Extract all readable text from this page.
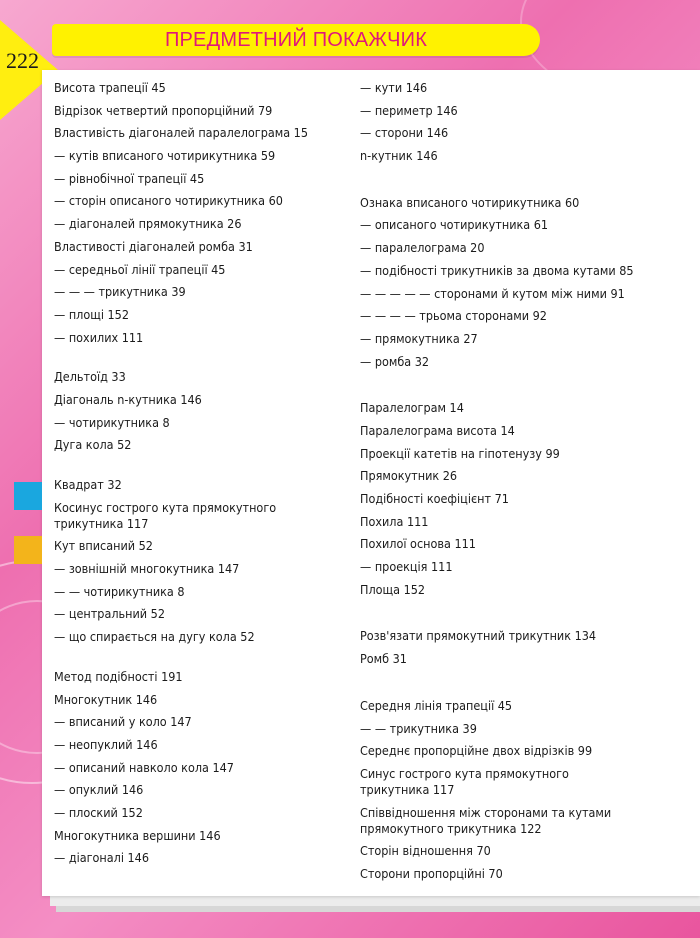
222
ПРЕДМЕТНИЙ ПОКАЖЧИК
Висота трапеції 45
Відрізок четвертий пропорційний 79
Властивість діагоналей паралелограма 15
— кутів вписаного чотирикутника 59
— рівнобічної трапеції 45
— сторін описаного чотирикутника 60
— діагоналей прямокутника 26
Властивості діагоналей ромба 31
— середньої лінії трапеції 45
— — — трикутника 39
— площі 152
— похилих 111
Дельтоїд 33
Діагональ n-кутника 146
— чотирикутника 8
Дуга кола 52
Квадрат 32
Косинус гострого кута прямокутного
трикутника 117
Кут вписаний 52
— зовнішній многокутника 147
— — чотирикутника 8
— центральний 52
— що спирається на дугу кола 52
Метод подібності 191
Многокутник 146
— вписаний у коло 147
— неопуклий 146
— описаний навколо кола 147
— опуклий 146
— плоский 152
Многокутника вершини 146
— діагоналі 146
— кути 146
— периметр 146
— сторони 146
n-кутник 146
Ознака вписаного чотирикутника 60
— описаного чотирикутника 61
— паралелограма 20
— подібності трикутників за двома кутами 85
— — — — — сторонами й кутом між ними 91
— — — — трьома сторонами 92
— прямокутника 27
— ромба 32
Паралелограм 14
Паралелограма висота 14
Проекції катетів на гіпотенузу 99
Прямокутник 26
Подібності коефіцієнт 71
Похила 111
Похилої основа 111
— проекція 111
Площа 152
Розв'язати прямокутний трикутник 134
Ромб 31
Середня лінія трапеції 45
— — трикутника 39
Середнє пропорційне двох відрізків 99
Синус гострого кута прямокутного
трикутника 117
Співвідношення між сторонами та кутами
прямокутного трикутника 122
Сторін відношення 70
Сторони пропорційні 70
